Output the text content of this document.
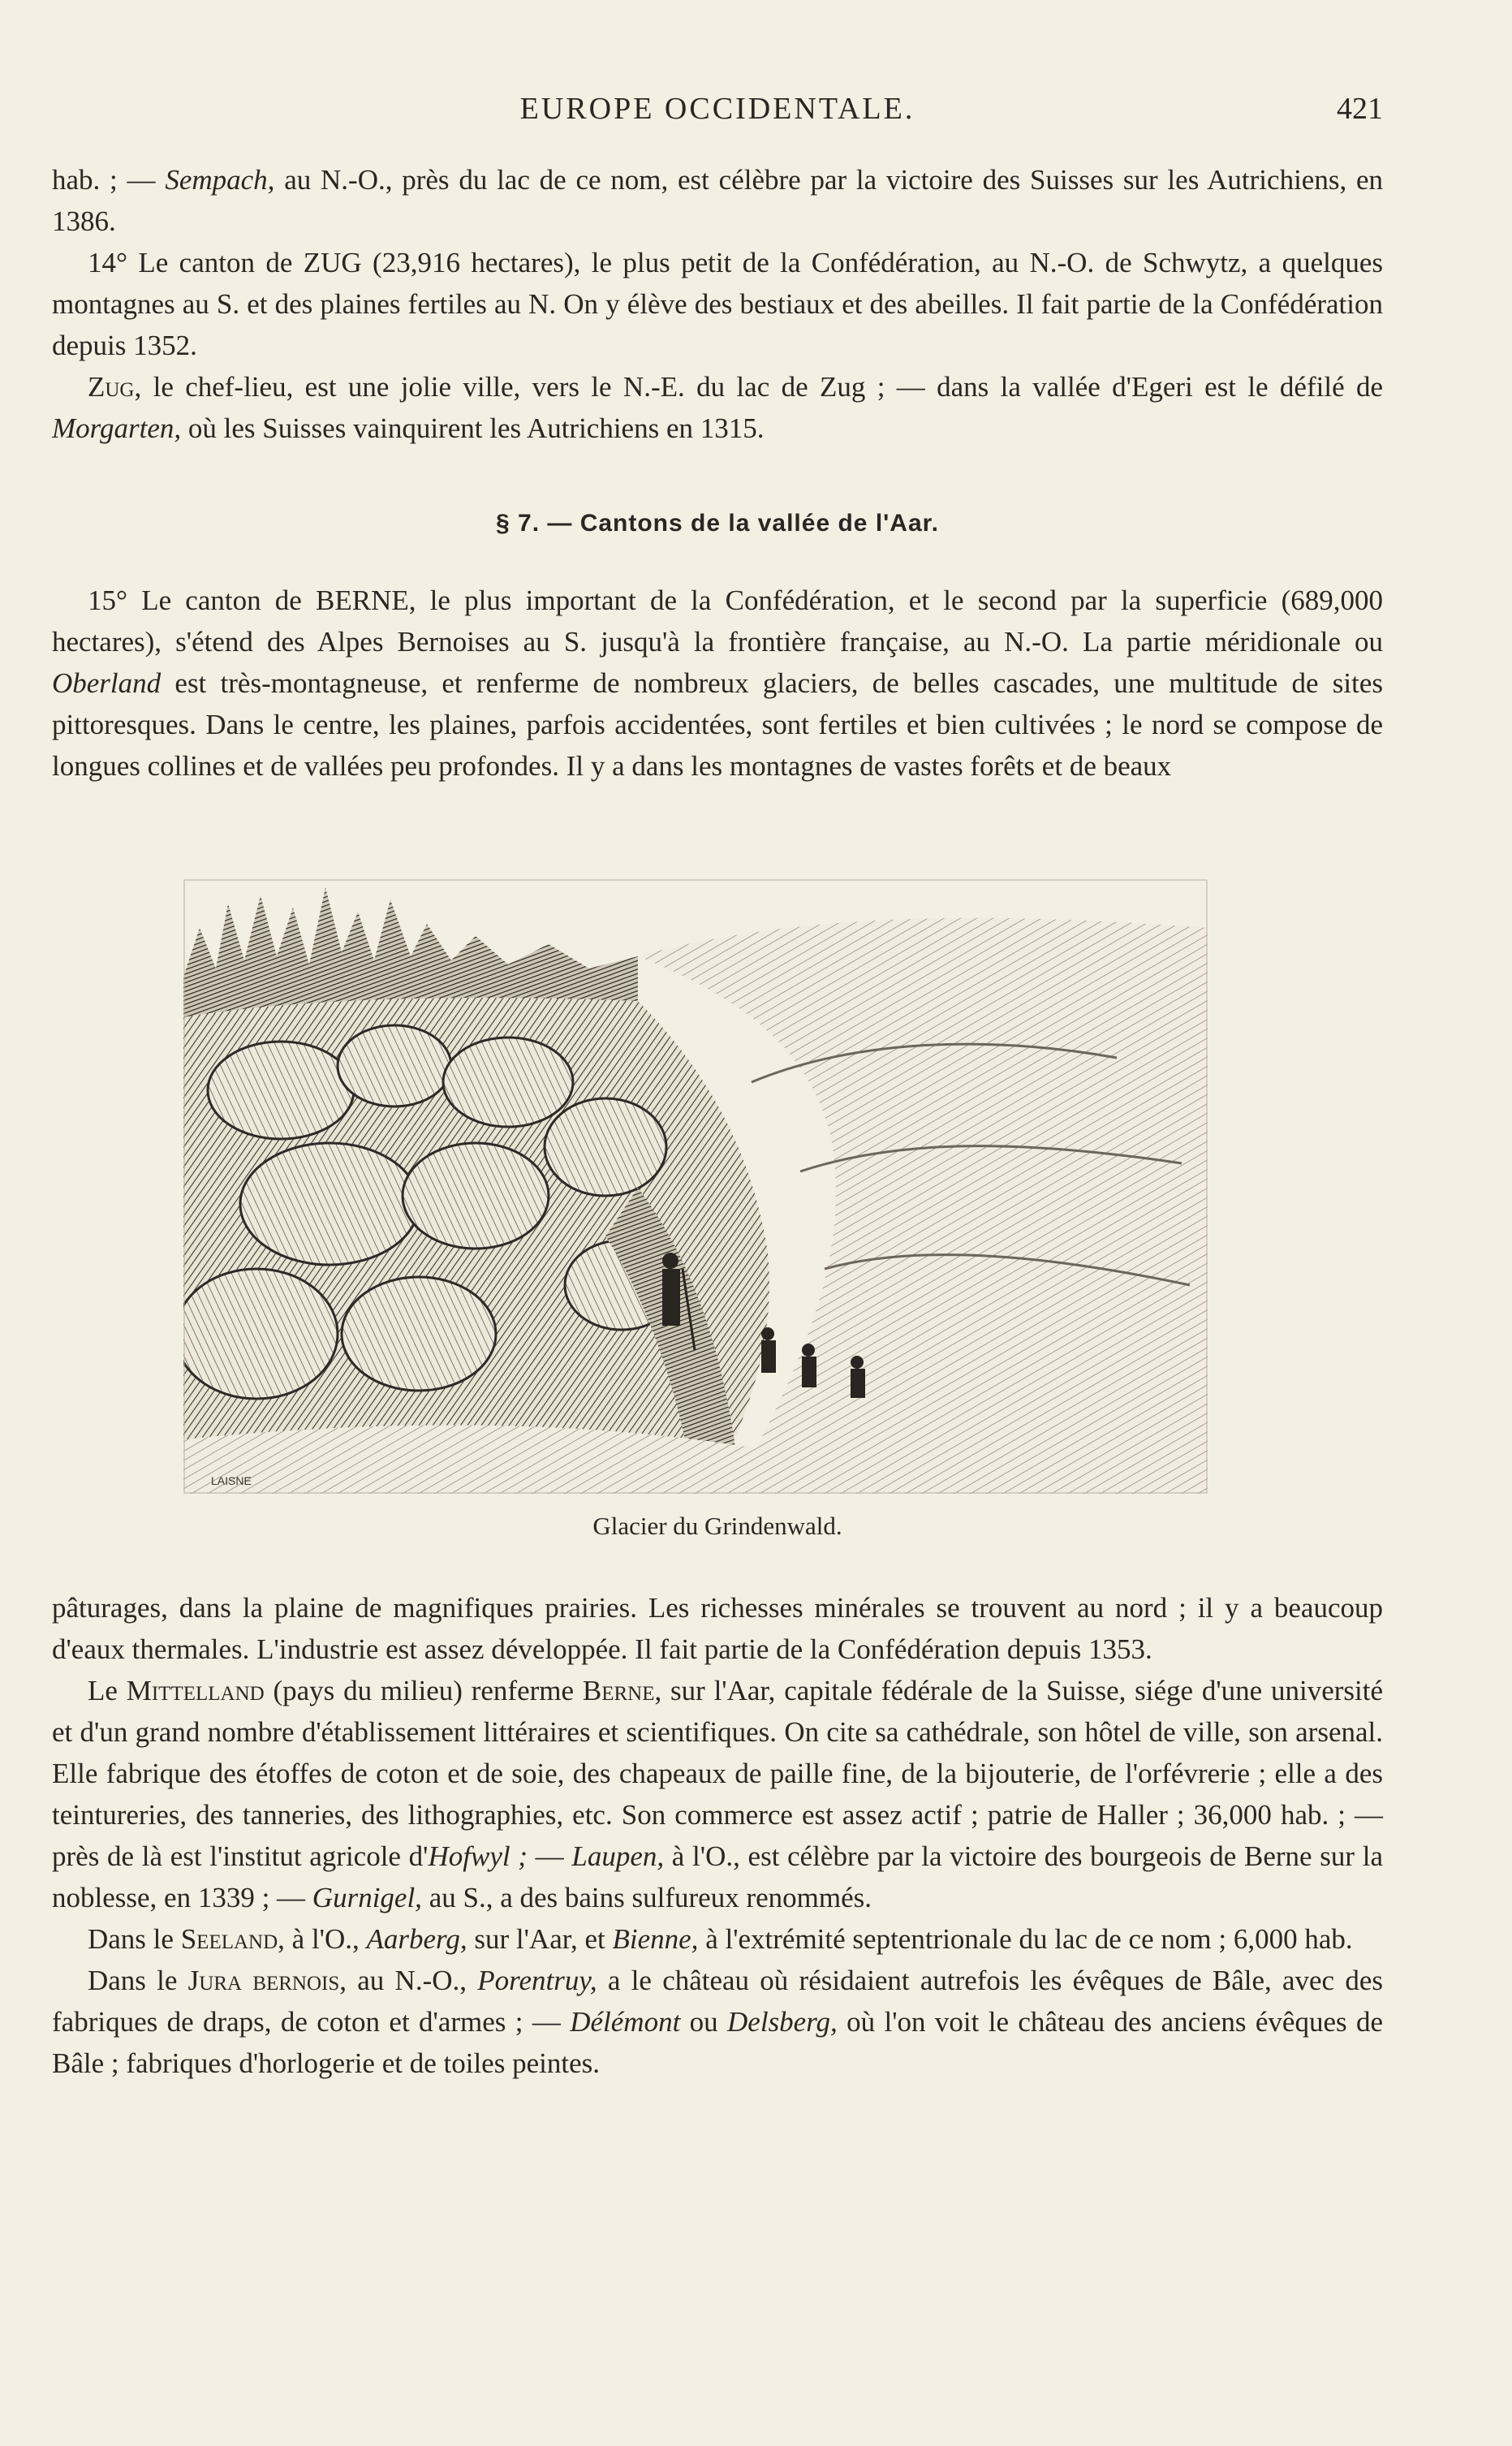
EUROPE OCCIDENTALE.	421

hab. ; — Sempach, au N.-O., près du lac de ce nom, est célèbre par la victoire des Suisses sur les Autrichiens, en 1386.

14° Le canton de ZUG (23,916 hectares), le plus petit de la Confédération, au N.-O. de Schwytz, a quelques montagnes au S. et des plaines fertiles au N. On y élève des bestiaux et des abeilles. Il fait partie de la Confédération depuis 1352.

Zug, le chef-lieu, est une jolie ville, vers le N.-E. du lac de Zug ; — dans la vallée d'Egeri est le défilé de Morgarten, où les Suisses vainquirent les Autrichiens en 1315.

§ 7. — Cantons de la vallée de l'Aar.

15° Le canton de BERNE, le plus important de la Confédération, et le second par la superficie (689,000 hectares), s'étend des Alpes Bernoises au S. jusqu'à la frontière française, au N.-O. La partie méridionale ou Oberland est très-montagneuse, et renferme de nombreux glaciers, de belles cascades, une multitude de sites pittoresques. Dans le centre, les plaines, parfois accidentées, sont fertiles et bien cultivées ; le nord se compose de longues collines et de vallées peu profondes. Il y a dans les montagnes de vastes forêts et de beaux

LAISNE
Glacier du Grindenwald.

pâturages, dans la plaine de magnifiques prairies. Les richesses minérales se trouvent au nord ; il y a beaucoup d'eaux thermales. L'industrie est assez développée. Il fait partie de la Confédération depuis 1353.

Le Mittelland (pays du milieu) renferme Berne, sur l'Aar, capitale fédérale de la Suisse, siége d'une université et d'un grand nombre d'établissement littéraires et scientifiques. On cite sa cathédrale, son hôtel de ville, son arsenal. Elle fabrique des étoffes de coton et de soie, des chapeaux de paille fine, de la bijouterie, de l'orfévrerie ; elle a des teintureries, des tanneries, des lithographies, etc. Son commerce est assez actif ; patrie de Haller ; 36,000 hab. ; — près de là est l'institut agricole d'Hofwyl ; — Laupen, à l'O., est célèbre par la victoire des bourgeois de Berne sur la noblesse, en 1339 ; — Gurnigel, au S., a des bains sulfureux renommés.

Dans le Seeland, à l'O., Aarberg, sur l'Aar, et Bienne, à l'extrémité septentrionale du lac de ce nom ; 6,000 hab.

Dans le Jura bernois, au N.-O., Porentruy, a le château où résidaient autrefois les évêques de Bâle, avec des fabriques de draps, de coton et d'armes ; — Délémont ou Delsberg, où l'on voit le château des anciens évêques de Bâle ; fabriques d'horlogerie et de toiles peintes.
